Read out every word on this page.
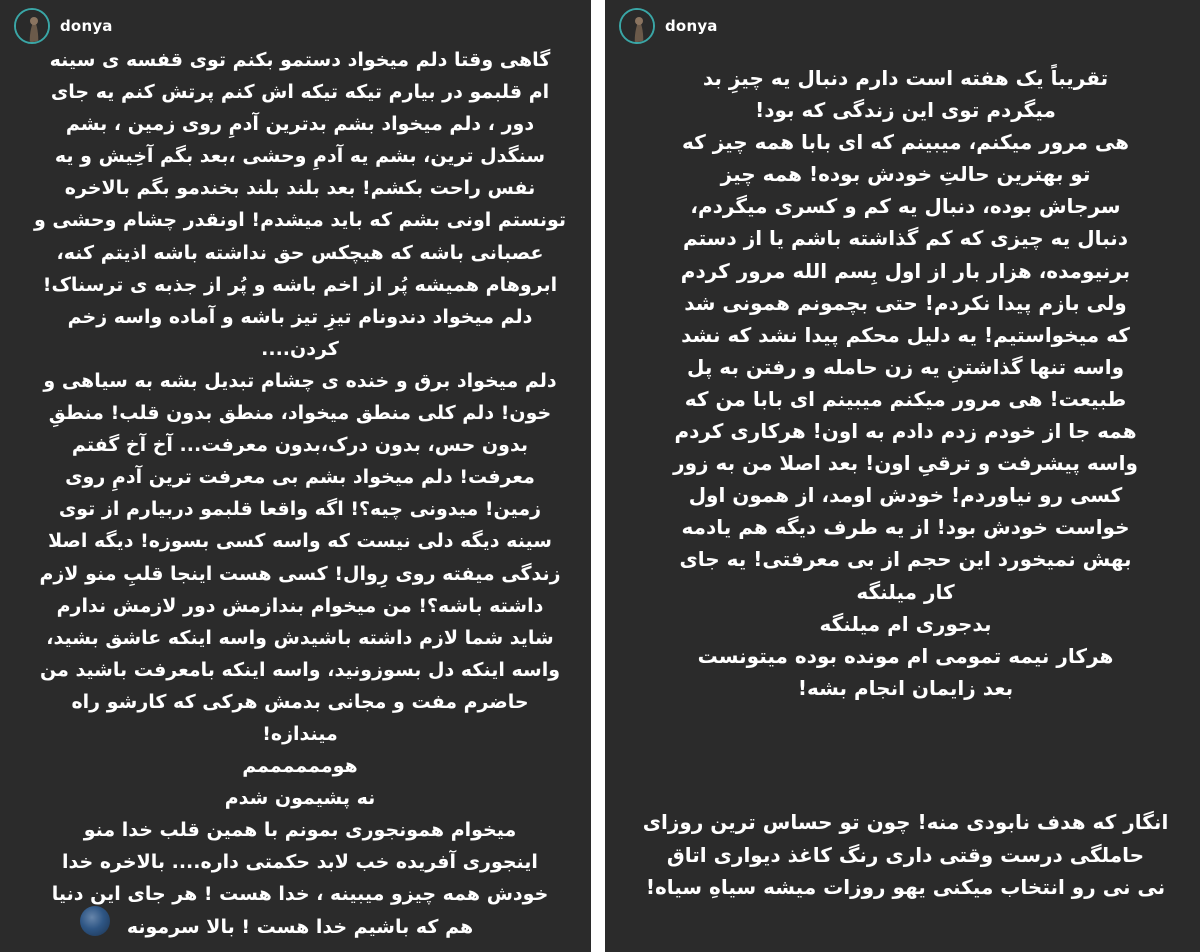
donya
گاهی وقتا دلم میخواد دستمو بکنم توی قفسه ی سینه
ام قلبمو در بیارم تیکه تیکه اش کنم پرتش کنم یه جای
دور ، دلم میخواد بشم بدترین آدمِ روی زمین ، بشم
سنگدل ترین، بشم یه آدمِ وحشی ،بعد بگم آخِیش و یه
نفس راحت بکشم! بعد بلند بلند بخندمو بگم بالاخره
تونستم اونی بشم که باید میشدم! اونقدر چشام وحشی و
عصبانی باشه که هیچکس حق نداشته باشه اذیتم کنه،
ابروهام همیشه پُر از اخم باشه و پُر از جذبه ی ترسناک!
دلم میخواد دندونام تیزِ تیز باشه و آماده واسه زخم
کردن....
دلم میخواد برق و خنده ی چشام تبدیل بشه به سیاهی و
خون! دلم کلی منطق میخواد، منطق بدون قلب! منطقِ
بدون حس، بدون درک،بدون معرفت... آخ آخ گفتم
معرفت! دلم میخواد بشم بی معرفت ترین آدمِ روی
زمین! میدونی چیه؟! اگه واقعا قلبمو دربیارم از توی
سینه دیگه دلی نیست که واسه کسی بسوزه! دیگه اصلا
زندگی میفته روی رِوال! کسی هست اینجا قلبِ منو لازم
داشته باشه؟! من میخوام بندازمش دور لازمش ندارم
شاید شما لازم داشته باشیدش واسه اینکه عاشق بشید،
واسه اینکه دل بسوزونید، واسه اینکه بامعرفت باشید من
حاضرم مفت و مجانی بدمش هرکی که کارشو راه
میندازه!
هوممممممم
نه پشیمون شدم
میخوام همونجوری بمونم با همین قلب خدا منو
اینجوری آفریده خب لابد حکمتی داره.... بالاخره خدا
خودش همه چیزو میبینه ، خدا هست ! هر جای این دنیا
هم که باشیم خدا هست ! بالا سرمونه
donya
تقریباً یک هفته است دارم دنبال یه چیزِ بد
میگردم توی این زندگی که بود!
هی مرور میکنم، میبینم که ای بابا همه چیز که
تو بهترین حالتِ خودش بوده! همه چیز
سرجاش بوده، دنبال یه کم و کسری میگردم،
دنبال یه چیزی که کم گذاشته باشم یا از دستم
برنیومده، هزار بار از اول بِسم الله مرور کردم
ولی بازم پیدا نکردم! حتی بچمونم همونی شد
که میخواستیم! یه دلیل محکم پیدا نشد که نشد
واسه تنها گذاشتنِ یه زن حامله و رفتن به پل
طبیعت! هی مرور میکنم میبینم ای بابا من که
همه جا از خودم زدم دادم به اون! هرکاری کردم
واسه پیشرفت و ترقیِ اون! بعد اصلا من به زور
کسی رو نیاوردم! خودش اومد، از همون اول
خواست خودش بود! از یه طرف دیگه هم یادمه
بهش نمیخورد این حجم از بی معرفتی! یه جای
کار میلنگه
بدجوری ام میلنگه
هرکار نیمه تمومی ام مونده بوده میتونست
بعد زایمان انجام بشه!
انگار که هدف نابودی منه! چون تو حساس ترین روزای
حاملگی درست وقتی داری رنگ کاغذ دیواری اتاق
نی نی رو انتخاب میکنی یهو روزات میشه سیاهِ سیاه!
